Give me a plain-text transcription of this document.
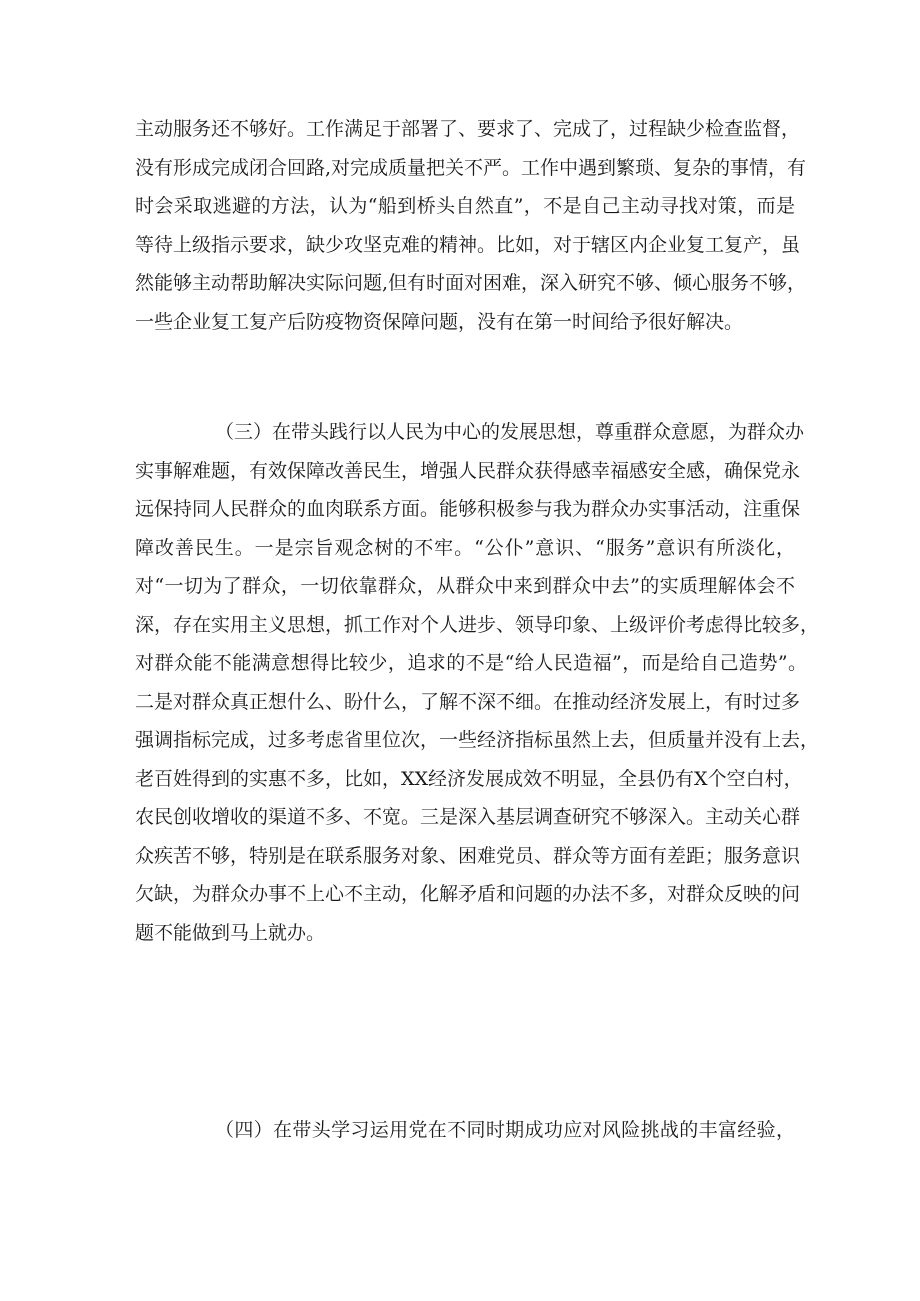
主动服务还不够好。工作满足于部署了、要求了、完成了，过程缺少检查监督，
没有形成完成闭合回路,对完成质量把关不严。工作中遇到繁琐、复杂的事情，有
时会采取逃避的方法，认为“船到桥头自然直”，不是自己主动寻找对策，而是
等待上级指示要求，缺少攻坚克难的精神。比如，对于辖区内企业复工复产，虽
然能够主动帮助解决实际问题,但有时面对困难，深入研究不够、倾心服务不够，
一些企业复工复产后防疫物资保障问题，没有在第一时间给予很好解决。
（三）在带头践行以人民为中心的发展思想，尊重群众意愿，为群众办
实事解难题，有效保障改善民生，增强人民群众获得感幸福感安全感，确保党永
远保持同人民群众的血肉联系方面。能够积极参与我为群众办实事活动，注重保
障改善民生。一是宗旨观念树的不牢。“公仆”意识、“服务”意识有所淡化，
对“一切为了群众，一切依靠群众，从群众中来到群众中去”的实质理解体会不
深，存在实用主义思想，抓工作对个人进步、领导印象、上级评价考虑得比较多，
对群众能不能满意想得比较少，追求的不是“给人民造福”，而是给自己造势”。
二是对群众真正想什么、盼什么，了解不深不细。在推动经济发展上，有时过多
强调指标完成，过多考虑省里位次，一些经济指标虽然上去，但质量并没有上去，
老百姓得到的实惠不多，比如，XX经济发展成效不明显，全县仍有X个空白村，
农民创收增收的渠道不多、不宽。三是深入基层调查研究不够深入。主动关心群
众疾苦不够，特别是在联系服务对象、困难党员、群众等方面有差距；服务意识
欠缺，为群众办事不上心不主动，化解矛盾和问题的办法不多，对群众反映的问
题不能做到马上就办。
（四）在带头学习运用党在不同时期成功应对风险挑战的丰富经验，
